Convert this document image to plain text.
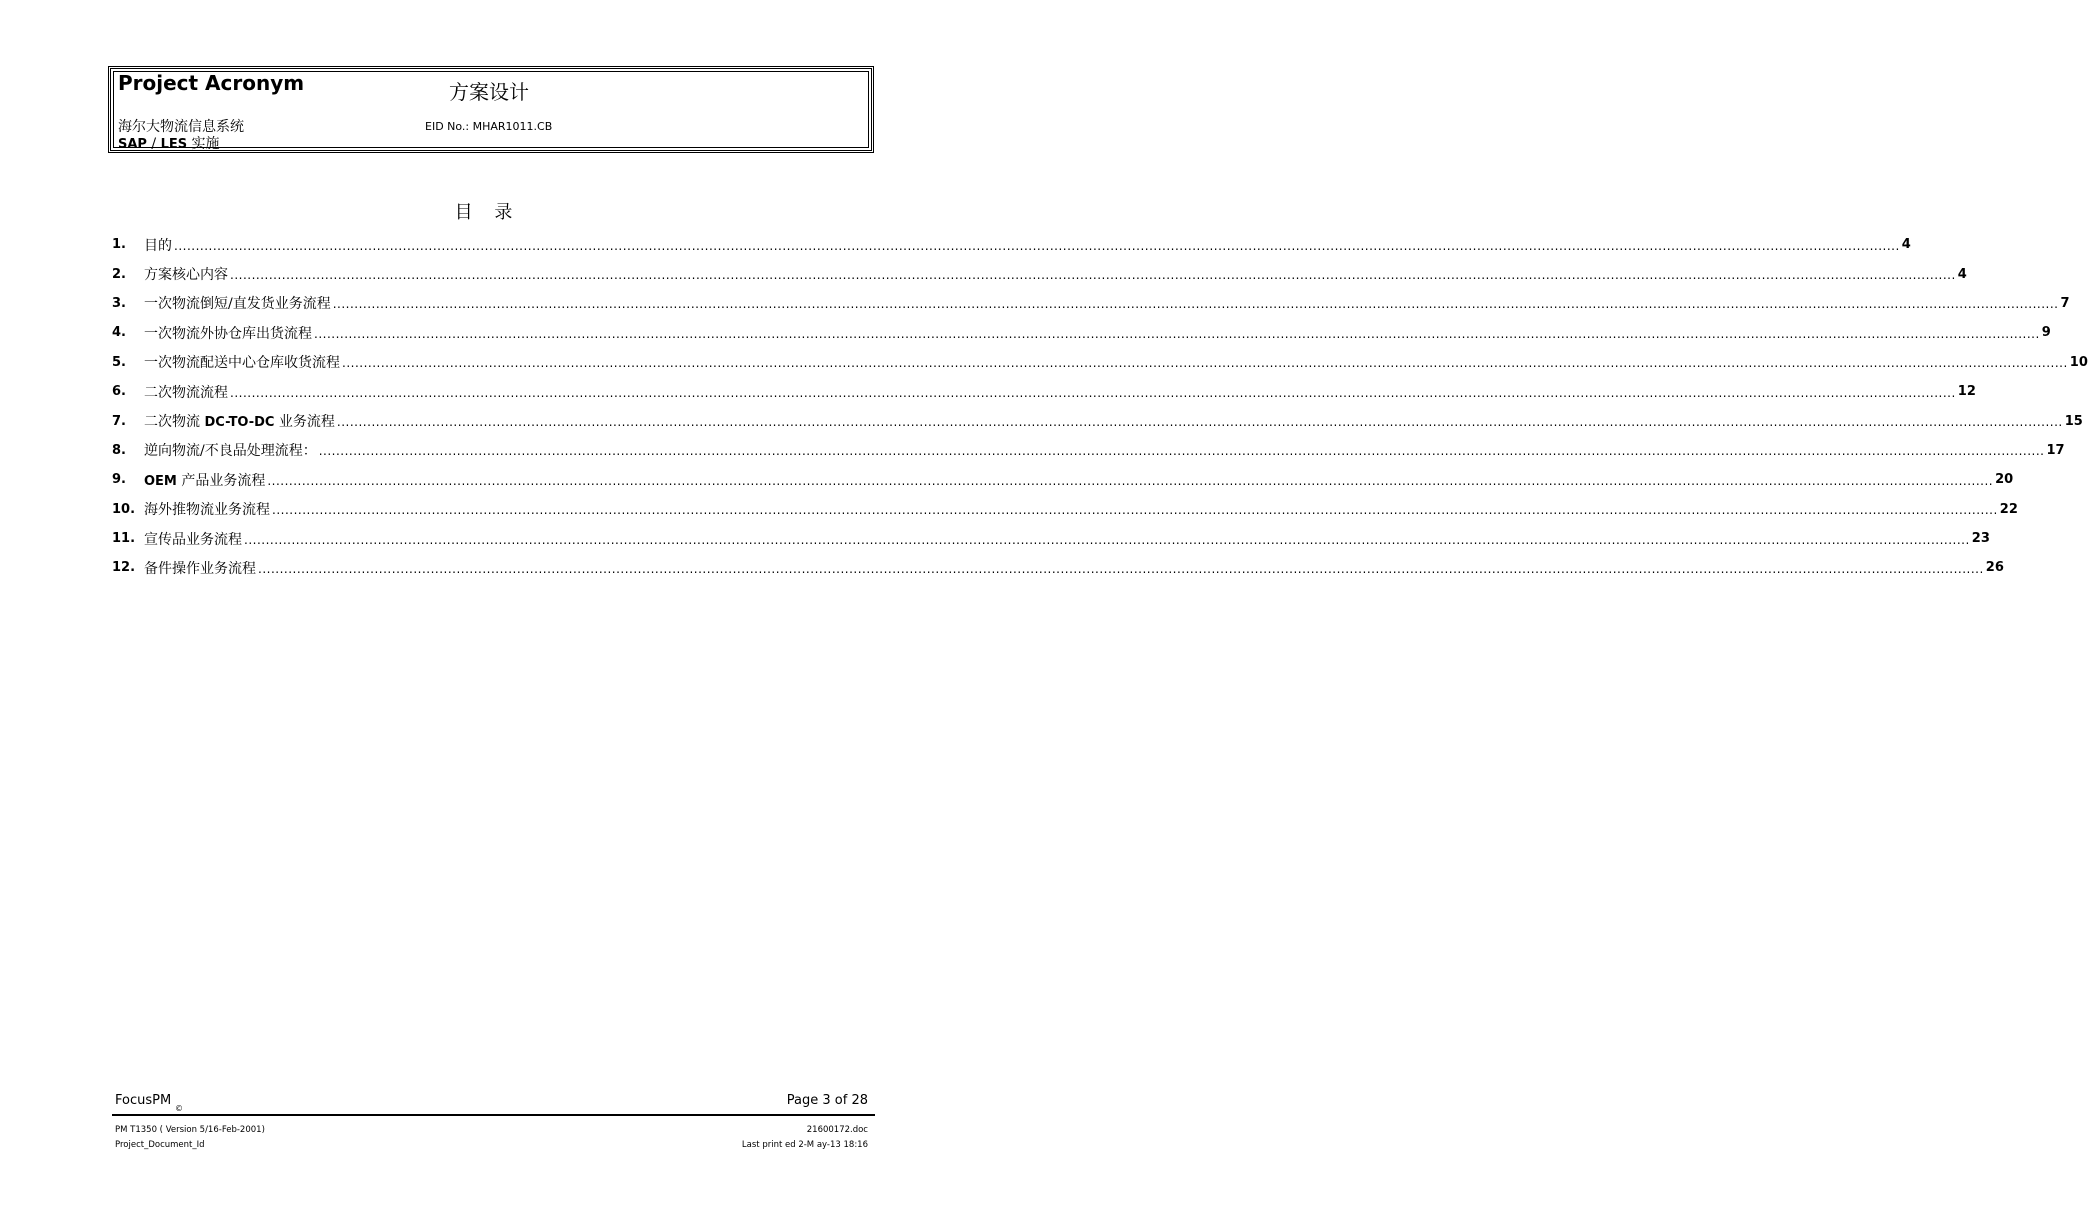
Project Acronym	方案设计
海尔大物流信息系统
SAP / LES 实施
EID No.: MHAR1011.CB
目 录
1.	目的 ................................................................................................................................................................................................................................................................................................................................................................................................................ 4
2.	方案核心内容 ................................................................................................................................................................................................................................................................................................................................................................................................................ 4
3.	一次物流倒短/直发货业务流程 ................................................................................................................................................................................................................................................................................................................................................................................................................ 7
4.	一次物流外协仓库出货流程 ................................................................................................................................................................................................................................................................................................................................................................................................................ 9
5.	一次物流配送中心仓库收货流程 ................................................................................................................................................................................................................................................................................................................................................................................................................ 10
6.	二次物流流程 ................................................................................................................................................................................................................................................................................................................................................................................................................ 12
7.	二次物流 DC-TO-DC 业务流程 ................................................................................................................................................................................................................................................................................................................................................................................................................ 15
8.	逆向物流/不良品处理流程： ................................................................................................................................................................................................................................................................................................................................................................................................................ 17
9.	OEM 产品业务流程 ................................................................................................................................................................................................................................................................................................................................................................................................................ 20
10. 海外推物流业务流程 ................................................................................................................................................................................................................................................................................................................................................................................................................ 22
11. 宣传品业务流程 ................................................................................................................................................................................................................................................................................................................................................................................................................ 23
12. 备件操作业务流程 ................................................................................................................................................................................................................................................................................................................................................................................................................ 26
FocusPM
©
Page 3 of 28
PM T1350 ( Version 5/16-Feb-2001)
Project_Document_Id
21600172.doc
Last print ed 2-M ay-13 18:16
